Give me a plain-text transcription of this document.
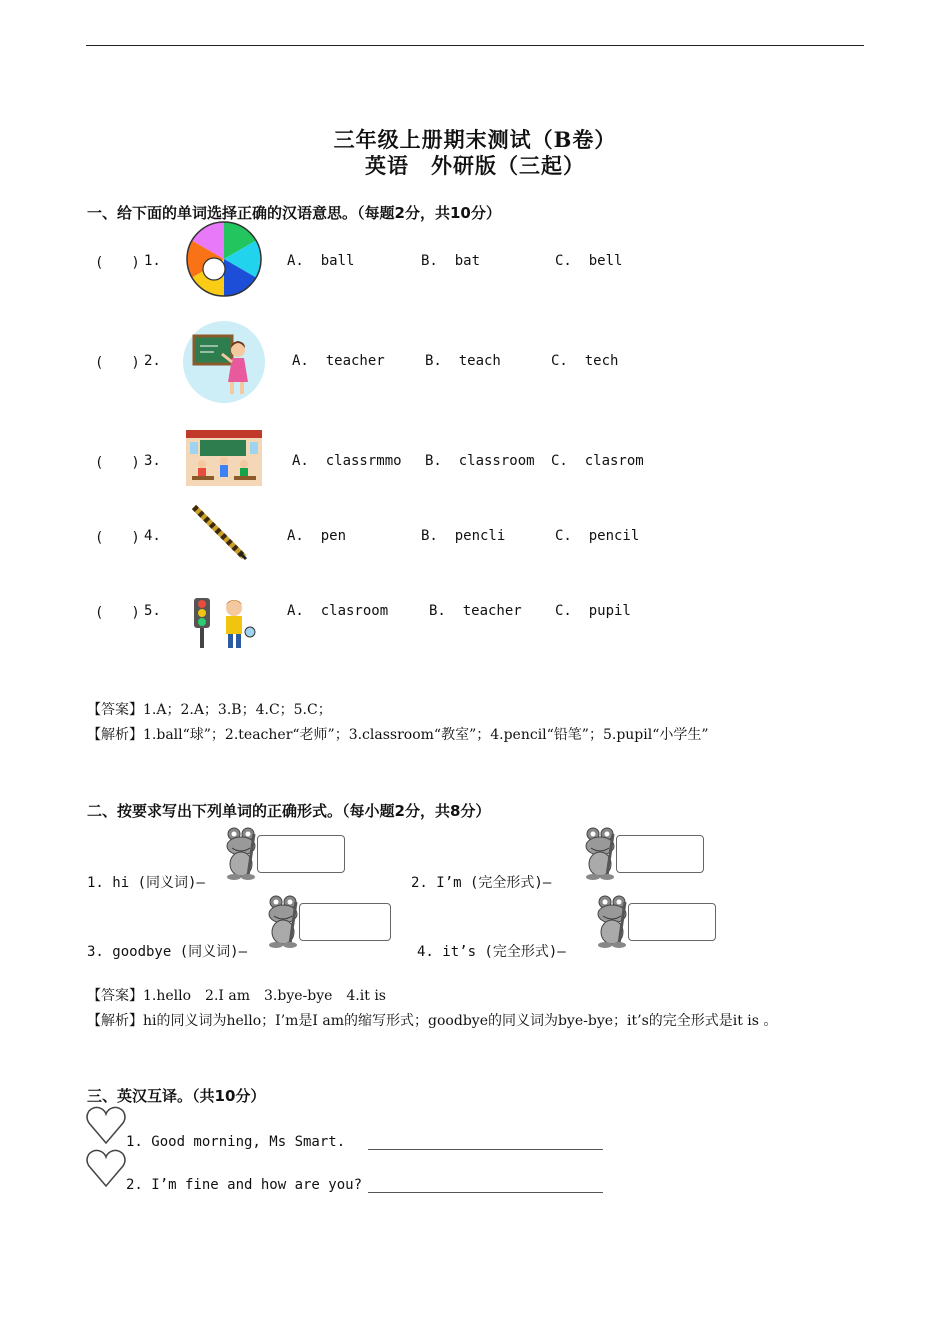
三年级上册期末测试（B卷）
英语　外研版（三起）
一、给下面的单词选择正确的汉语意思。（每题2分，共10分）
(　　) 1.	A.  ball	B.  bat	C.  bell
(　　) 2.	A.  teacher	B.  teach	C.  tech
(　　) 3.	A.  classrmmo B.  classroom C.  clasrom
(　　) 4.	A.  pen	B.  pencli	C.  pencil
(　　) 5.	A.  clasroom	B.  teacher C.  pupil
【答案】1.A；2.A；3.B；4.C；5.C；
【解析】1.ball“球”；2.teacher“老师”；3.classroom“教室”；4.pencil“铅笔”；5.pupil“小学生”
二、按要求写出下列单词的正确形式。（每小题2分，共8分）
1. hi (同义词)—	2. I’m (完全形式)—
3. goodbye (同义词)—	4. it’s (完全形式)—
【答案】1.hello　2.I am　3.bye-bye　4.it is
【解析】hi的同义词为hello；I’m是I am的缩写形式；goodbye的同义词为bye-bye；it’s的完全形式是it is 。
三、英汉互译。（共10分）
1. Good morning, Ms Smart.
2. I’m fine and how are you?
